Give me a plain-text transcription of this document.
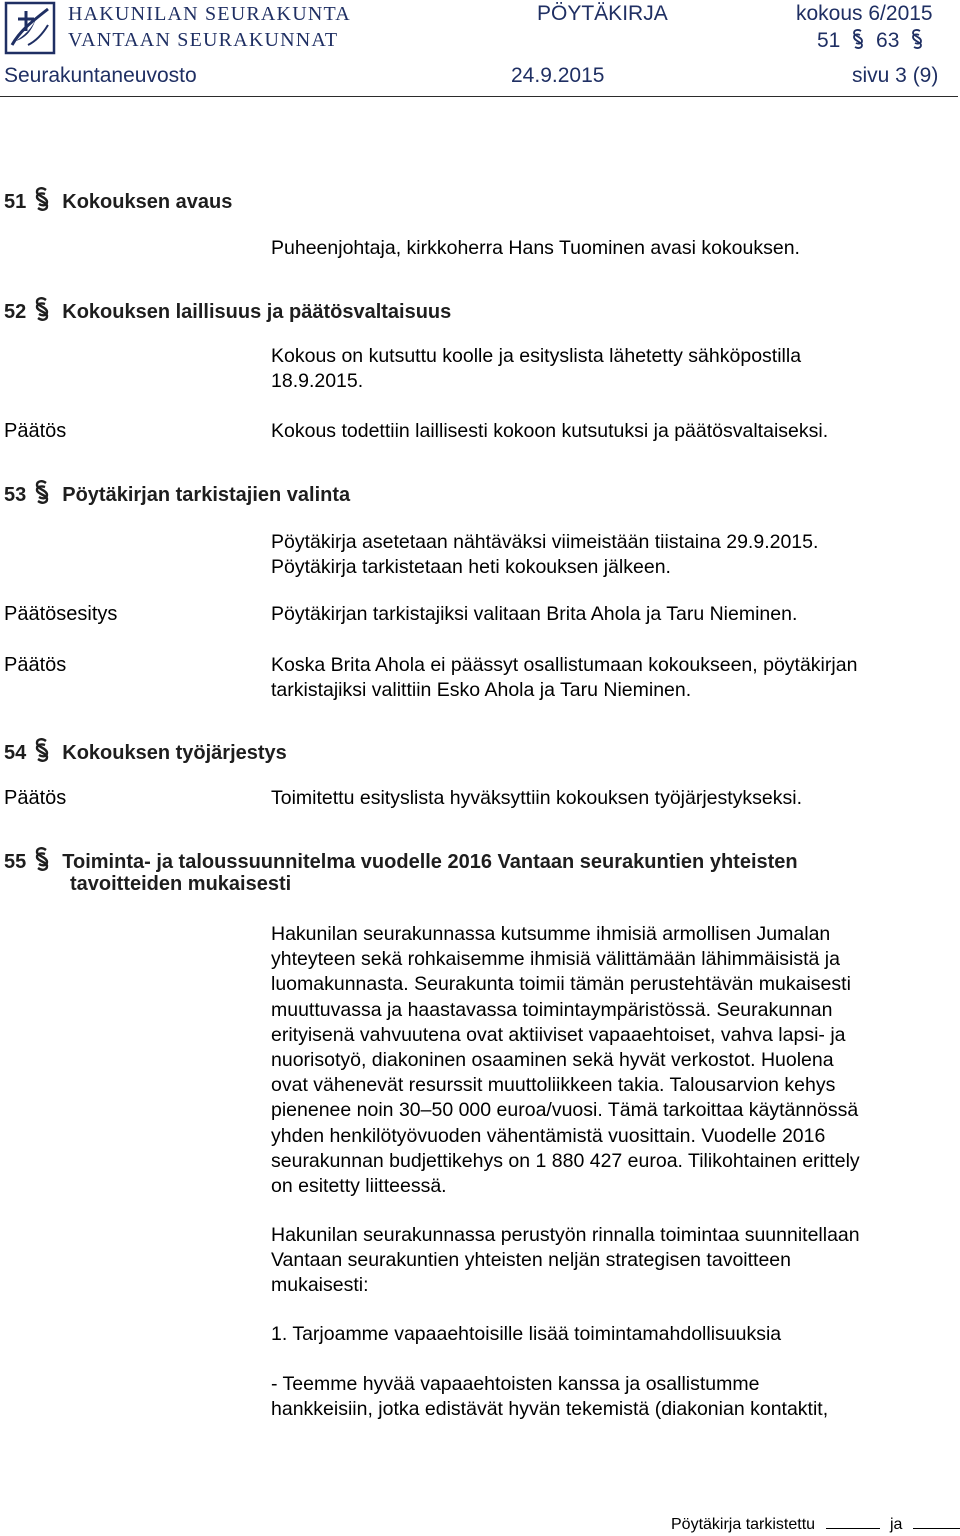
HAKUNILAN SEURAKUNTA
VANTAAN SEURAKUNNAT
PÖYTÄKIRJA	kokous 6/2015
51 63
Seurakuntaneuvosto	24.9.2015	sivu 3 (9)
51 Kokouksen avaus
Puheenjohtaja, kirkkoherra Hans Tuominen avasi kokouksen.
52 Kokouksen laillisuus ja päätösvaltaisuus
Kokous on kutsuttu koolle ja esityslista lähetetty sähköpostilla
18.9.2015.
Päätös	Kokous todettiin laillisesti kokoon kutsutuksi ja päätösvaltaiseksi.
53 Pöytäkirjan tarkistajien valinta
Pöytäkirja asetetaan nähtäväksi viimeistään tiistaina 29.9.2015.
Pöytäkirja tarkistetaan heti kokouksen jälkeen.
Päätösesitys	Pöytäkirjan tarkistajiksi valitaan Brita Ahola ja Taru Nieminen.
Päätös	Koska Brita Ahola ei päässyt osallistumaan kokoukseen, pöytäkirjan
tarkistajiksi valittiin Esko Ahola ja Taru Nieminen.
54 Kokouksen työjärjestys
Päätös	Toimitettu esityslista hyväksyttiin kokouksen työjärjestykseksi.
55 Toiminta- ja taloussuunnitelma vuodelle 2016 Vantaan seurakuntien yhteisten
tavoitteiden mukaisesti
Hakunilan seurakunnassa kutsumme ihmisiä armollisen Jumalan
yhteyteen sekä rohkaisemme ihmisiä välittämään lähimmäisistä ja
luomakunnasta. Seurakunta toimii tämän perustehtävän mukaisesti
muuttuvassa ja haastavassa toimintaympäristössä. Seurakunnan
erityisenä vahvuutena ovat aktiiviset vapaaehtoiset, vahva lapsi- ja
nuorisotyö, diakoninen osaaminen sekä hyvät verkostot. Huolena
ovat vähenevät resurssit muuttoliikkeen takia. Talousarvion kehys
pienenee noin 30–50 000 euroa/vuosi. Tämä tarkoittaa käytännössä
yhden henkilötyövuoden vähentämistä vuosittain. Vuodelle 2016
seurakunnan budjettikehys on 1 880 427 euroa. Tilikohtainen erittely
on esitetty liitteessä.
Hakunilan seurakunnassa perustyön rinnalla toimintaa suunnitellaan
Vantaan seurakuntien yhteisten neljän strategisen tavoitteen
mukaisesti:
1. Tarjoamme vapaaehtoisille lisää toimintamahdollisuuksia
- Teemme hyvää vapaaehtoisten kanssa ja osallistumme
hankkeisiin, jotka edistävät hyvän tekemistä (diakonian kontaktit,
Pöytäkirja tarkistettu	ja
